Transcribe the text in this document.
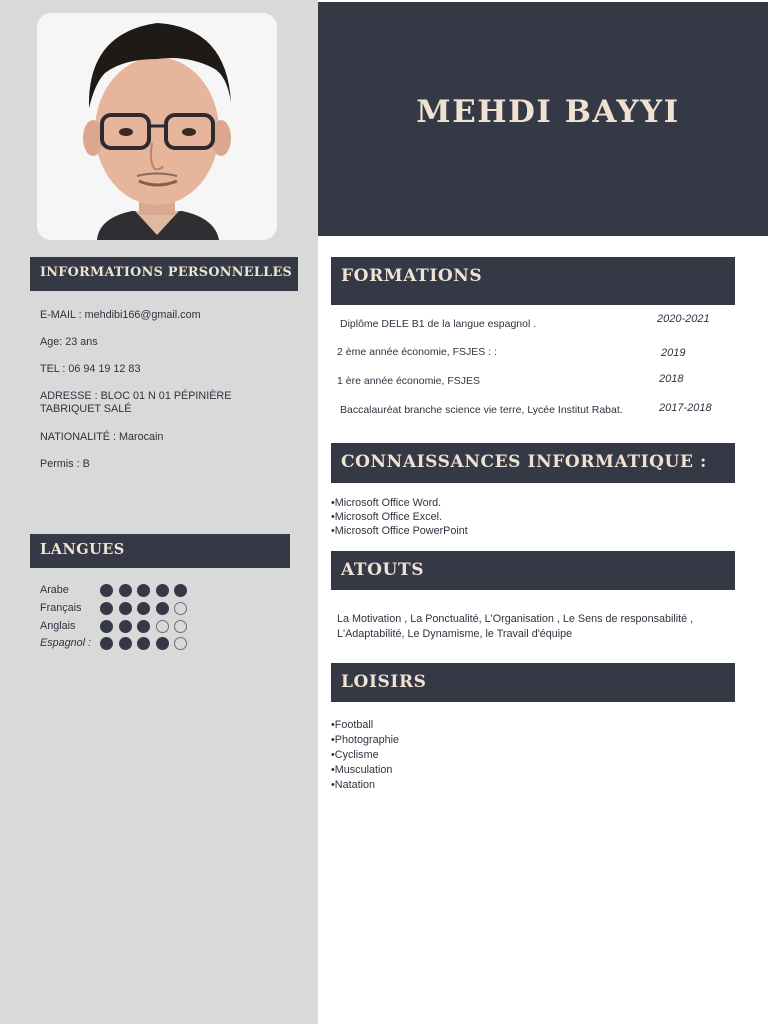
MEHDI BAYYI
INFORMATIONS PERSONNELLES
E-MAIL : mehdibi166@gmail.com
Age: 23 ans
TEL : 06 94 19 12 83
ADRESSE : BLOC 01 N 01 PÉPINIÈRE TABRIQUET SALÉ
NATIONALITÉ : Marocain
Permis : B
LANGUES
Arabe
Français
Anglais
Espagnol :
FORMATIONS
Diplôme DELE B1 de la langue espagnol .	2020-2021
2 ème année économie, FSJES : :	2019
1 ère année économie, FSJES	2018
Baccalauréat branche science vie terre, Lycée Institut Rabat.	2017-2018
CONNAISSANCES INFORMATIQUE :
• Microsoft Office Word.
• Microsoft Office Excel.
• Microsoft Office PowerPoint
ATOUTS
La Motivation , La Ponctualité, L'Organisation , Le Sens de responsabilité , L'Adaptabilité, Le Dynamisme, le Travail d'équipe
LOISIRS
• Football
• Photographie
• Cyclisme
• Musculation
• Natation
